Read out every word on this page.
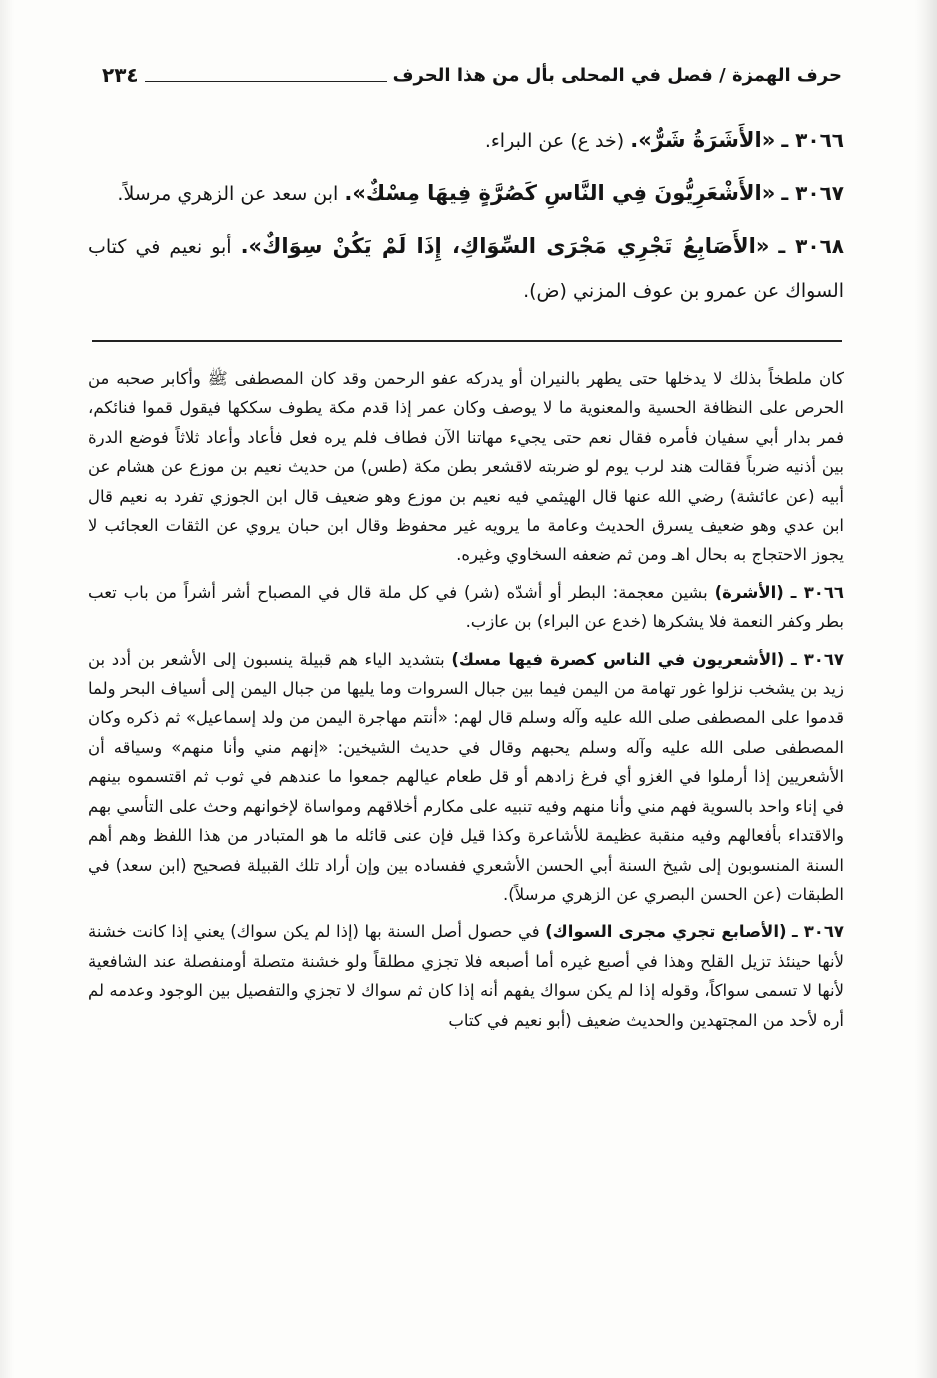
حرف الهمزة / فصل في المحلى بأل من هذا الحرف
٢٣٤

٣٠٦٦ ـ «الأَشَرَةُ شَرٌّ». (خد ع) عن البراء.

٣٠٦٧ ـ «الأَشْعَرِيُّونَ فِي النَّاسِ كَصُرَّةٍ فِيهَا مِسْكٌ». ابن سعد عن الزهري مرسلاً.

٣٠٦٨ ـ «الأَصَابِعُ تَجْرِي مَجْرَى السِّوَاكِ، إِذَا لَمْ يَكُنْ سِوَاكٌ». أبو نعيم في كتاب السواك عن عمرو بن عوف المزني (ض).

كان ملطخاً بذلك لا يدخلها حتى يطهر بالنيران أو يدركه عفو الرحمن وقد كان المصطفى ﷺ وأكابر صحبه من الحرص على النظافة الحسية والمعنوية ما لا يوصف وكان عمر إذا قدم مكة يطوف سككها فيقول قموا فنائكم، فمر بدار أبي سفيان فأمره فقال نعم حتى يجيء مهاتنا الآن فطاف فلم يره فعل فأعاد وأعاد ثلاثاً فوضع الدرة بين أذنيه ضرباً فقالت هند لرب يوم لو ضربته لاقشعر بطن مكة (طس) من حديث نعيم بن موزع عن هشام عن أبيه (عن عائشة) رضي الله عنها قال الهيثمي فيه نعيم بن موزع وهو ضعيف قال ابن الجوزي تفرد به نعيم قال ابن عدي وهو ضعيف يسرق الحديث وعامة ما يرويه غير محفوظ وقال ابن حبان يروي عن الثقات العجائب لا يجوز الاحتجاج به بحال اهـ ومن ثم ضعفه السخاوي وغيره.

٣٠٦٦ ـ (الأشرة) بشين معجمة: البطر أو أشدّه (شر) في كل ملة قال في المصباح أشر أشراً من باب تعب بطر وكفر النعمة فلا يشكرها (خدع عن البراء) بن عازب.

٣٠٦٧ ـ (الأشعريون في الناس كصرة فيها مسك) بتشديد الياء هم قبيلة ينسبون إلى الأشعر بن أدد بن زيد بن يشخب نزلوا غور تهامة من اليمن فيما بين جبال السروات وما يليها من جبال اليمن إلى أسياف البحر ولما قدموا على المصطفى صلى الله عليه وآله وسلم قال لهم: «أنتم مهاجرة اليمن من ولد إسماعيل» ثم ذكره وكان المصطفى صلى الله عليه وآله وسلم يحبهم وقال في حديث الشيخين: «إنهم مني وأنا منهم» وسياقه أن الأشعريين إذا أرملوا في الغزو أي فرغ زادهم أو قل طعام عيالهم جمعوا ما عندهم في ثوب ثم اقتسموه بينهم في إناء واحد بالسوية فهم مني وأنا منهم وفيه تنبيه على مكارم أخلاقهم ومواساة لإخوانهم وحث على التأسي بهم والاقتداء بأفعالهم وفيه منقبة عظيمة للأشاعرة وكذا قيل فإن عنى قائله ما هو المتبادر من هذا اللفظ وهم أهم السنة المنسوبون إلى شيخ السنة أبي الحسن الأشعري ففساده بين وإن أراد تلك القبيلة فصحيح (ابن سعد) في الطبقات (عن الحسن البصري عن الزهري مرسلاً).

٣٠٦٧ ـ (الأصابع تجري مجرى السواك) في حصول أصل السنة بها (إذا لم يكن سواك) يعني إذا كانت خشنة لأنها حينئذ تزيل القلح وهذا في أصبع غيره أما أصبعه فلا تجزي مطلقاً ولو خشنة متصلة أومنفصلة عند الشافعية لأنها لا تسمى سواكاً، وقوله إذا لم يكن سواك يفهم أنه إذا كان ثم سواك لا تجزي والتفصيل بين الوجود وعدمه لم أره لأحد من المجتهدين والحديث ضعيف (أبو نعيم في كتاب
